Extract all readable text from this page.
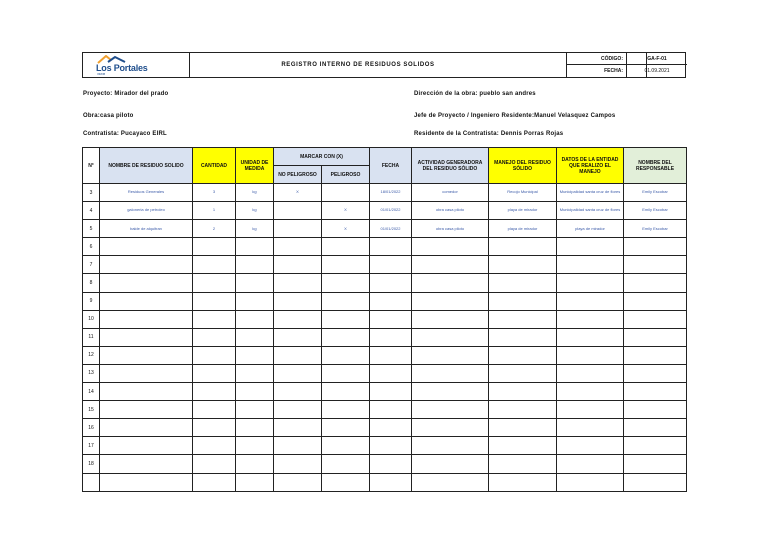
Los Portales
INMOB
REGISTRO INTERNO DE RESIDUOS SOLIDOS
CÓDIGO:	GA-F-01
FECHA:	01.09.2021
Proyecto: Mirador del prado
Obra:casa piloto
Contratista: Pucayaco EIRL
Dirección de la obra: pueblo san andres
Jefe de Proyecto / Ingeniero Residente:Manuel Velasquez Campos
Residente de la Contratista: Dennis Porras Rojas
N°	NOMBRE DE RESIDUO SOLIDO	CANTIDAD	UNIDAD DE MEDIDA	MARCAR CON (X)		FECHA	ACTIVIDAD GENERADORA DEL RESIDUO SÓLIDO	MANEJO DEL RESIDUO SÓLIDO	DATOS DE LA ENTIDAD QUE REALIZO EL MANEJO	NOMBRE DEL RESPONSABLE
				NO PELIGROSO	PELIGROSO					
3	Residuos Generales	3	kg	X		18/01/2022	comedor	Recojo Municipal	Municipalidad santa cruz de flores	Emily Escobar
4	galoneria de petroleo	1	kg		X	01/01/2022	obra casa piloto	playa de mirador	Municipalidad santa cruz de flores	Emily Escobar
5	balde de alquitran	2	kg		X	01/01/2022	obra casa piloto	playa de mirador	playa de mirador	Emily Escobar
6										
7										
8										
9										
10										
11										
12										
13										
14										
15										
16										
17										
18										
